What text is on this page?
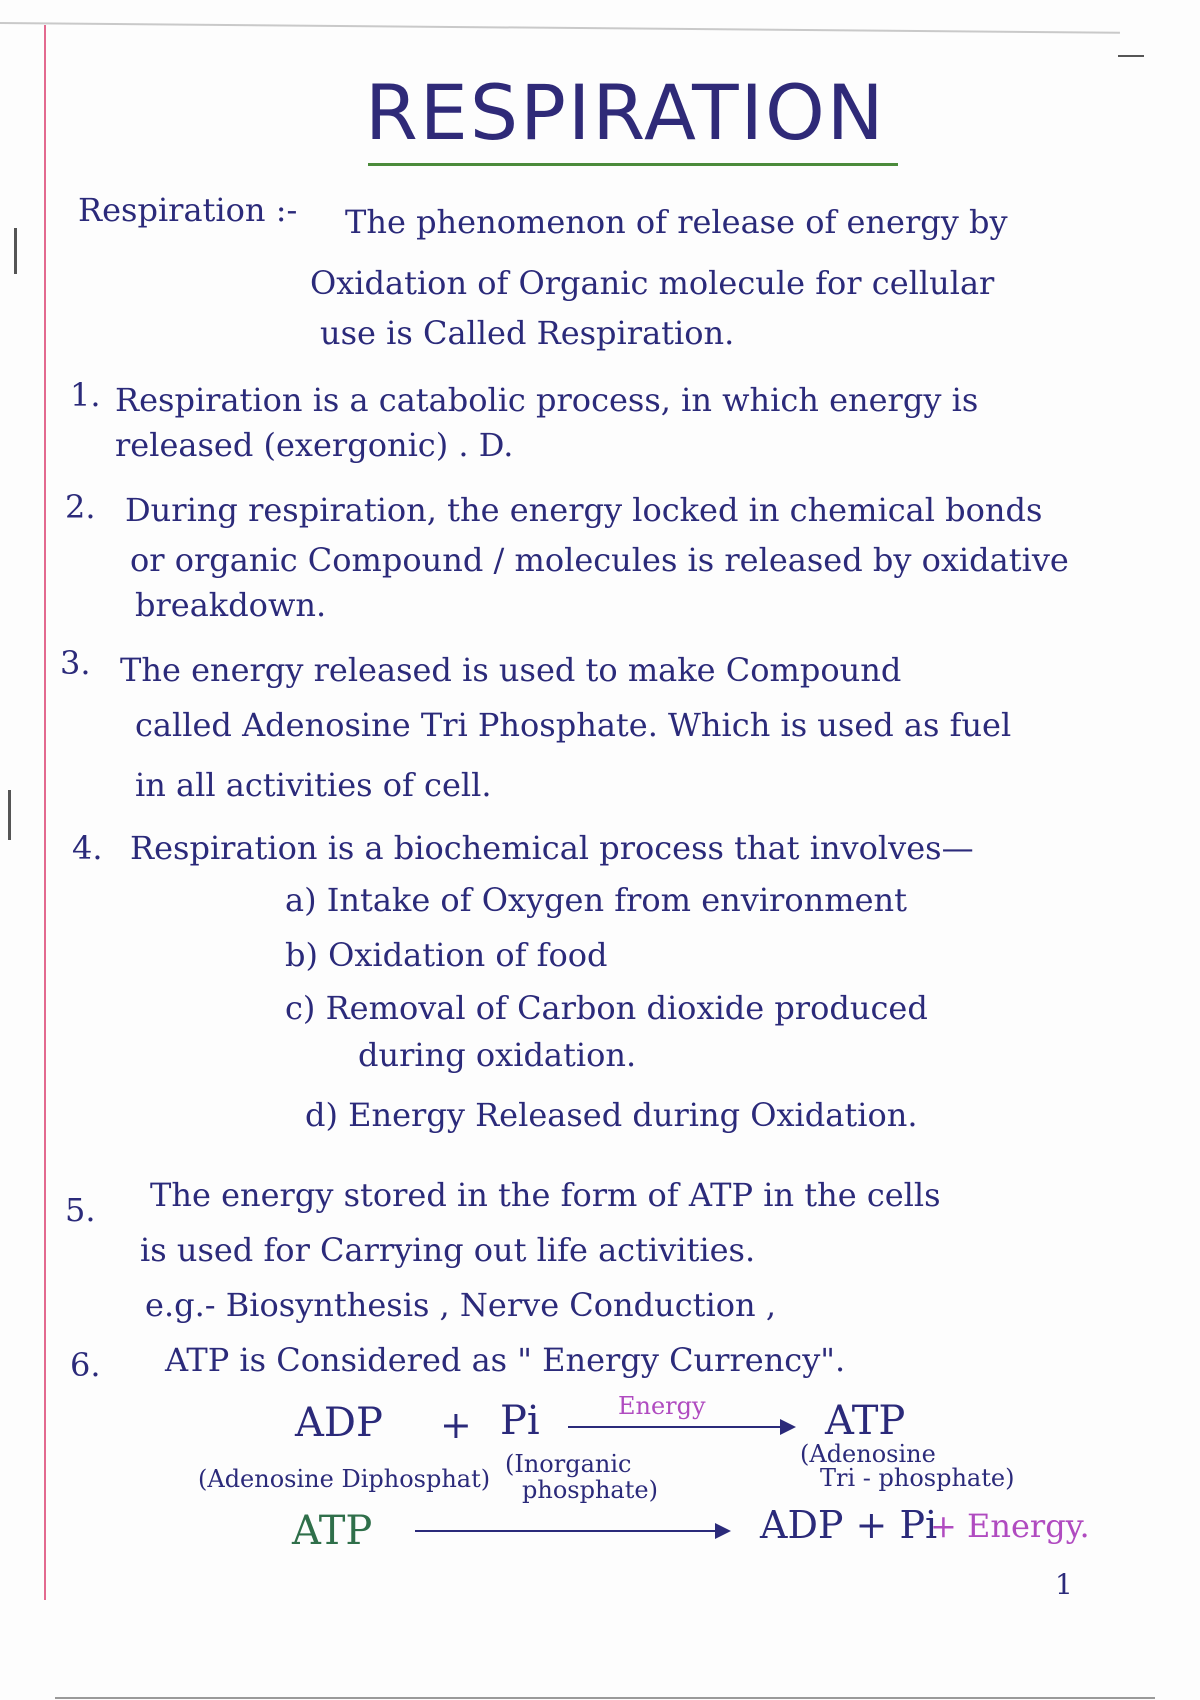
RESPIRATION
Respiration :- The phenomenon of release of energy by
Oxidation of Organic molecule for cellular
use is Called Respiration.
1. Respiration is a catabolic process, in which energy is
released (exergonic) . D.
2. During respiration, the energy locked in chemical bonds
or organic Compound / molecules is released by oxidative
breakdown.
3. The energy released is used to make Compound
called Adenosine Tri Phosphate. Which is used as fuel
in all activities of cell.
4. Respiration is a biochemical process that involves—
a) Intake of Oxygen from environment
b) Oxidation of food
c) Removal of Carbon dioxide produced
during oxidation.
d) Energy Released during Oxidation.
5. The energy stored in the form of ATP in the cells
is used for Carrying out life activities.
e.g.- Biosynthesis , Nerve Conduction ,
6. ATP is Considered as " Energy Currency".
ADP + Pi	Energy	ATP
(Adenosine Diphosphat)
(Inorganic
phosphate)
(Adenosine
Tri - phosphate)
ATP	ADP + Pi
+ Energy.
1
